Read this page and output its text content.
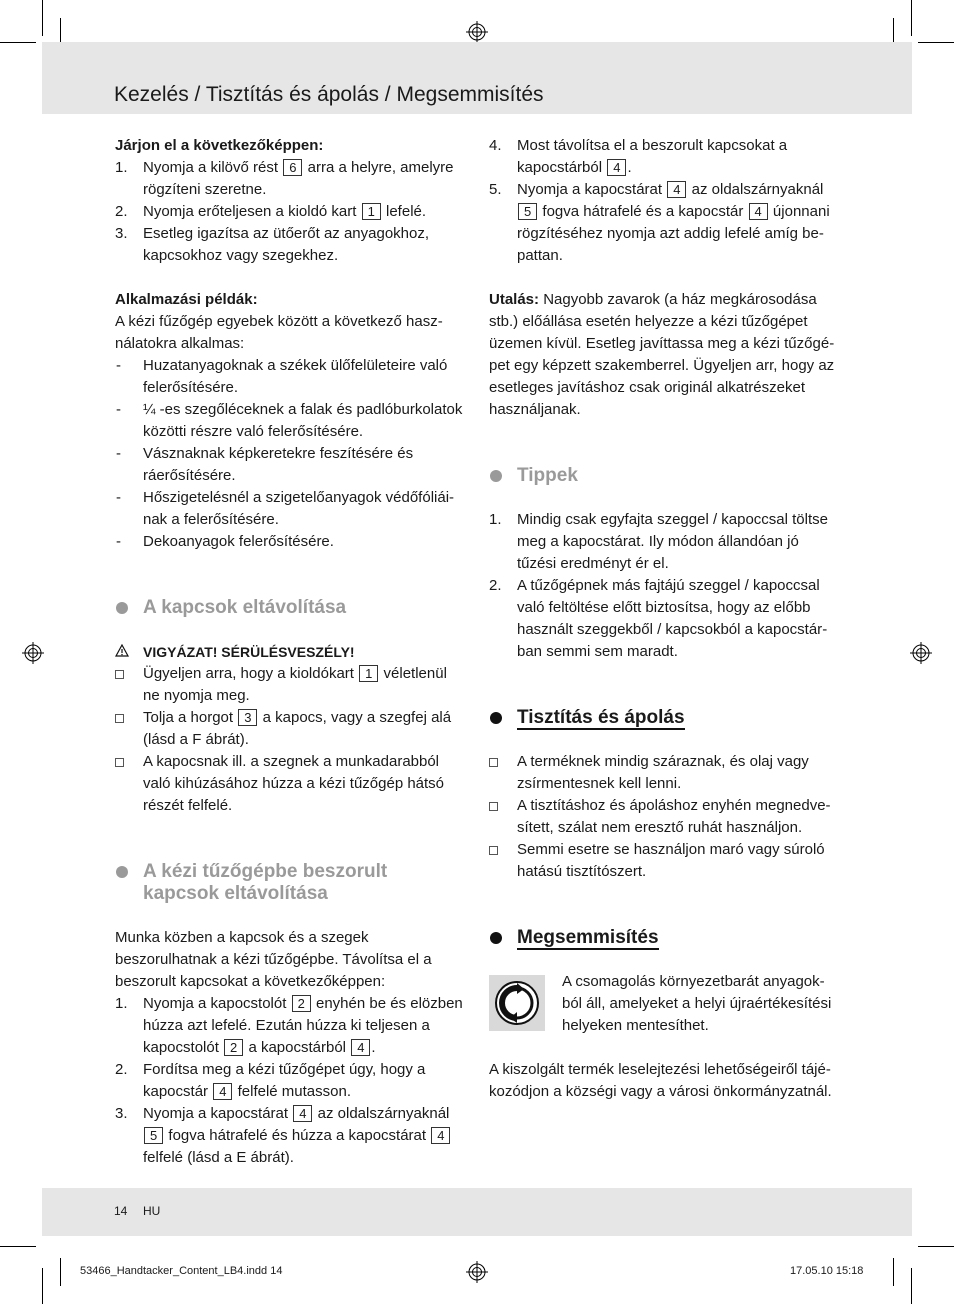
Kezelés / Tisztítás és ápolás / Megsemmisítés

Járjon el a következőképpen:

1. Nyomja a kilövő rést 6 arra a helyre, amelyre rögzíteni szeretne.
2. Nyomja erőteljesen a kioldó kart 1 lefelé.
3. Esetleg igazítsa az ütőerőt az anyagokhoz, kapcsokhoz vagy szegekhez.

Alkalmazási példák:

A kézi fűzőgép egyebek között a következő használatokra alkalmas:

- Huzatanyagoknak a székek ülőfelületeire való felerősítésére.
- ¼ -es szegőléceknek a falak és padlóburkolatok közötti részre való felerősítésére.
- Vásznaknak képkeretekre feszítésére és ráerősítésére.
- Hőszigetelésnél a szigetelőanyagok védőfóliáinak a felerősítésére.
- Dekoanyagok felerősítésére.
A kapcsok eltávolítása
VIGYÁZAT! SÉRÜLÉSVESZÉLY!
Ügyeljen arra, hogy a kioldókart 1 véletlenül ne nyomja meg.
Tolja a horgot 3 a kapocs, vagy a szegfej alá (lásd a F ábrát).
A kapocsnak ill. a szegnek a munkadarabból való kihúzásához húzza a kézi tűzőgép hátsó részét felfelé.
A kézi tűzőgépbe beszorult kapcsok eltávolítása

Munka közben a kapcsok és a szegek beszorulhatnak a kézi tűzőgépbe. Távolítsa el a beszorult kapcsokat a következőképpen:

1. Nyomja a kapocstolót 2 enyhén be és elözben húzza azt lefelé. Ezután húzza ki teljesen a kapocstolót 2 a kapocstárból 4 .
2. Fordítsa meg a kézi tűzőgépet úgy, hogy a kapocstár 4 felfelé mutasson.
3. Nyomja a kapocstárat 4 az oldalszárnyaknál 5 fogva hátrafelé és húzza a kapocstárat 4 felfelé (lásd a E ábrát).
4. Most távolítsa el a beszorult kapcsokat a kapocstárból 4 .
5. Nyomja a kapocstárat 4 az oldalszárnyaknál 5 fogva hátrafelé és a kapocstár 4 újonnani rögzítéséhez nyomja azt addig lefelé amíg bepattan.

Utalás: Nagyobb zavarok (a ház megkárosodása stb.) előállása esetén helyezze a kézi tűzőgépet üzemen kívül. Esetleg javíttassa meg a kézi tűzőgépet egy képzett szakemberrel. Ügyeljen arr, hogy az esetleges javításhoz csak originál alkatrészeket használjanak.

Tippek
1. Mindig csak egyfajta szeggel / kapoccsal töltse meg a kapocstárat. Ily módon állandóan jó tűzési eredményt ér el.
2. A tűzőgépnek más fajtájú szeggel / kapoccsal való feltöltése előtt biztosítsa, hogy az előbb használt szeggekből / kapcsokból a kapocstárban semmi sem maradt.
Tisztítás és ápolás
A terméknek mindig száraznak, és olaj vagy zsírmentesnek kell lenni.
A tisztításhoz és ápoláshoz enyhén megnedvesített, szálat nem eresztő ruhát használjon.
Semmi esetre se használjon maró vagy súroló hatású tisztítószert.
Megsemmisítés

A csomagolás környezetbarát anyagokból áll, amelyeket a helyi újraértékesítési helyeken mentesíthet.

A kiszolgált termék leselejtezési lehetőségeiről tájékozódjon a községi vagy a városi önkormányzatnál.

14 HU
53466_Handtacker_Content_LB4.indd 14	17.05.10 15:18
